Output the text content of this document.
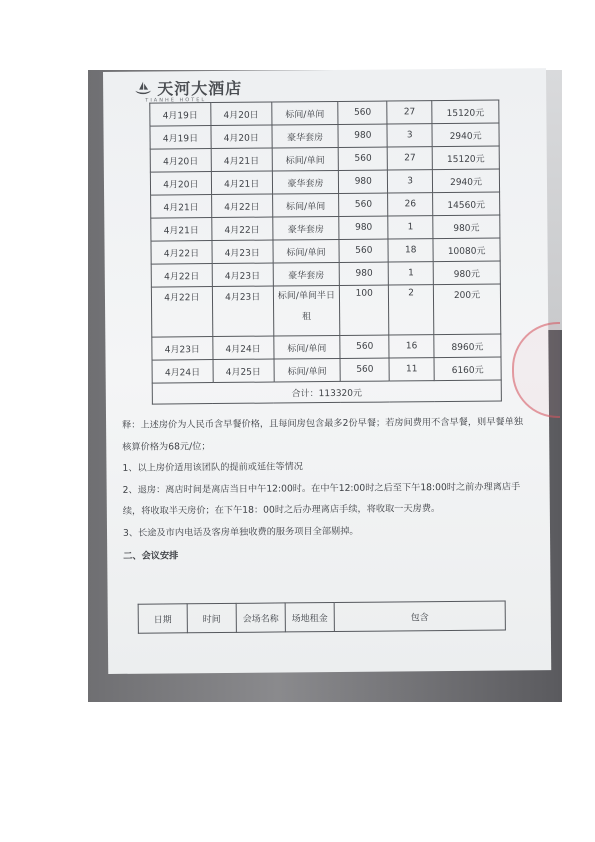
天河大酒店
TIANHE HOTEL
4月19日	4月20日	标间/单间	560	27	15120元
4月19日	4月20日	豪华套房	980	3	2940元
4月20日	4月21日	标间/单间	560	27	15120元
4月20日	4月21日	豪华套房	980	3	2940元
4月21日	4月22日	标间/单间	560	26	14560元
4月21日	4月22日	豪华套房	980	1	980元
4月22日	4月23日	标间/单间	560	18	10080元
4月22日	4月23日	豪华套房	980	1	980元
4月22日	4月23日	标间/单间半日租	100	2	200元
4月23日	4月24日	标间/单间	560	16	8960元
4月24日	4月25日	标间/单间	560	11	6160元
合计：113320元					

释：上述房价为人民币含早餐价格，且每间房包含最多2份早餐；若房间费用不含早餐，则早餐单独核算价格为68元/位；

1、以上房价适用该团队的提前或延住等情况

2、退房：离店时间是离店当日中午12:00时。在中午12:00时之后至下午18:00时之前办理离店手续，将收取半天房价；在下午18：00时之后办理离店手续，将收取一天房费。

3、长途及市内电话及客房单独收费的服务项目全部剔掉。

二、会议安排

日期	时间	会场名称	场地租金	包含
